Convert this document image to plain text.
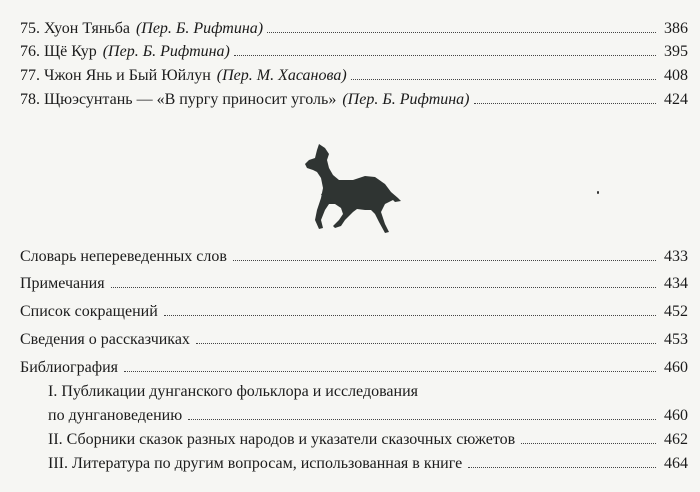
75. Хуон Тяньба (Пер. Б. Рифтина)	386
76. Щё Кур (Пер. Б. Рифтина)	395
77. Чжон Янь и Бый Юйлун (Пер. М. Хасанова)	408
78. Щюэсунтань — «В пургу приносит уголь» (Пер. Б. Рифтина)	424
Словарь непереведенных слов	433
Примечания	434
Список сокращений	452
Сведения о рассказчиках	453
Библиография	460
I. Публикации дунганского фольклора и исследования
по дунгановедению	460
II. Сборники сказок разных народов и указатели сказочных сюжетов	462
III. Литература по другим вопросам, использованная в книге	464
